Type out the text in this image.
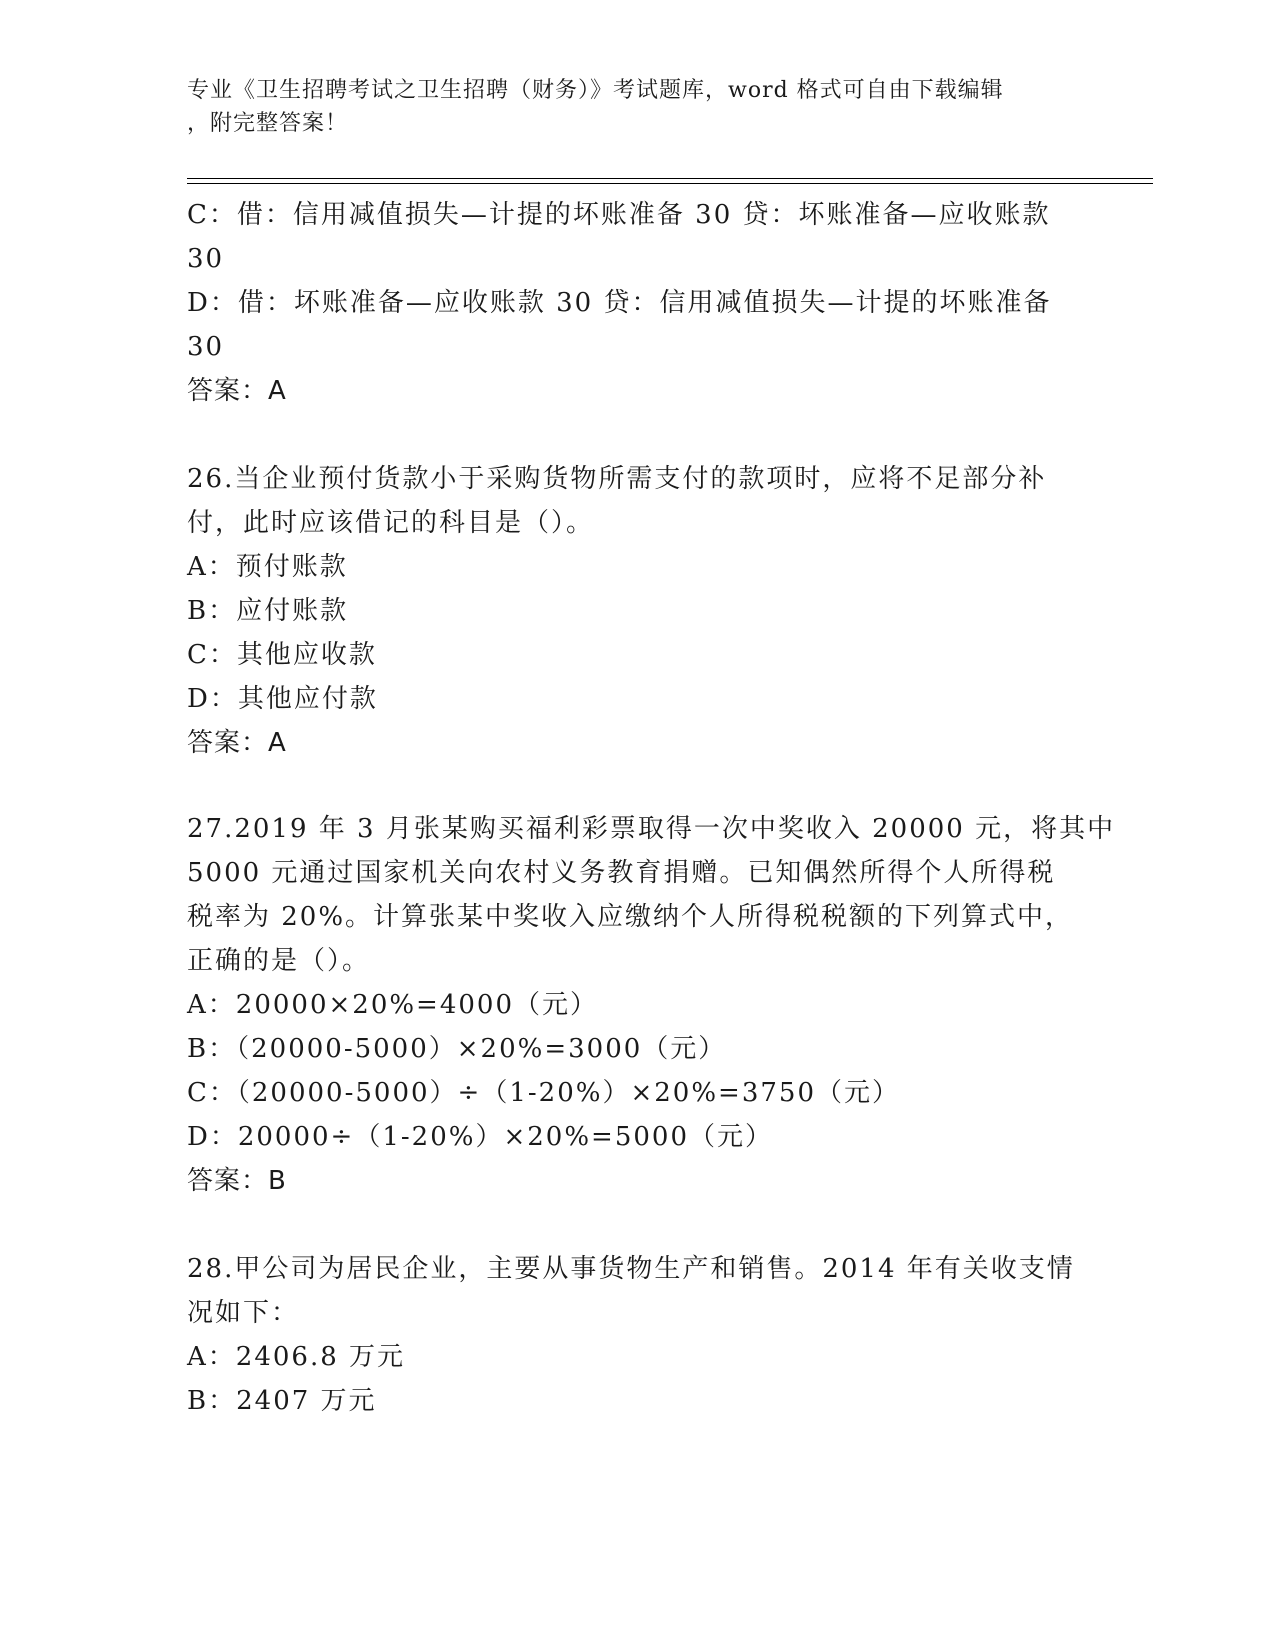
专业《卫生招聘考试之卫生招聘（财务）》考试题库，word 格式可自由下载编辑
，附完整答案！
C：借：信用减值损失—计提的坏账准备 30 贷：坏账准备—应收账款
30
D：借：坏账准备—应收账款 30 贷：信用减值损失—计提的坏账准备
30
答案：A
26.当企业预付货款小于采购货物所需支付的款项时，应将不足部分补
付，此时应该借记的科目是（）。
A：预付账款
B：应付账款
C：其他应收款
D：其他应付款
答案：A
27.2019 年 3 月张某购买福利彩票取得一次中奖收入 20000 元，将其中
5000 元通过国家机关向农村义务教育捐赠。已知偶然所得个人所得税
税率为 20%。计算张某中奖收入应缴纳个人所得税税额的下列算式中，
正确的是（）。
A：20000×20%=4000（元）
B：（20000-5000）×20%=3000（元）
C：（20000-5000）÷（1-20%）×20%=3750（元）
D：20000÷（1-20%）×20%=5000（元）
答案：B
28.甲公司为居民企业，主要从事货物生产和销售。2014 年有关收支情
况如下：
A：2406.8 万元
B：2407 万元
